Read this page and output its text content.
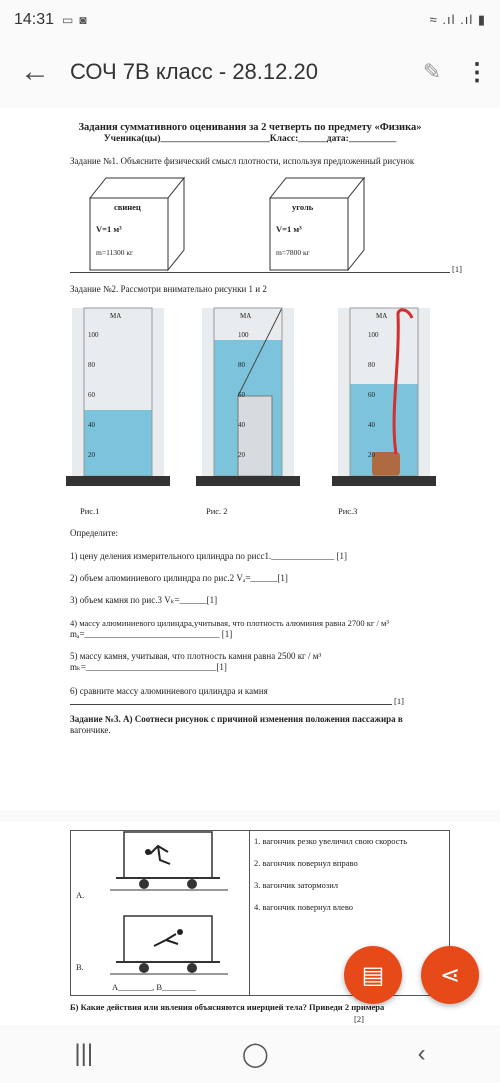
14:31 ▭ ◙	≈ .ıl .ıl ▮
← СОЧ 7В класс - 28.12.20	✎ ⋮
Задания суммативного оценивания за 2 четверть по предмету «Физика»
Ученика(цы)_______________________Класс:______дата:__________
Задание №1. Объясните физический смысл плотности, используя предложенный рисунок
свинец
V=1 м³
m=11300 кг
уголь
V=1 м³
m=7800 кг
[1]
Задание №2. Рассмотри внимательно рисунки 1 и 2
МА	МА	МА
100
80
60
40
20
100
80
60
40
20
100
80
60
40
20
Рис.1	Рис. 2	Рис.3
Определите:
1) цену деления измерительного цилиндра по рисс1.______________ [1]
2) объем алюминиевого цилиндра по рис.2 Vₐ=______[1]
3) объем камня по рис.3 Vₖ=______[1]
4) массу алюминиевого цилиндра,учитывая, что плотность алюминия равна 2700 кг / м³
mₐ=______________________________ [1]
5) массу камня, учитывая, что плотность камня равна 2500 кг / м³
mₖ=_____________________________[1]
6) сравните массу алюминиевого цилиндра и камня
[1]
Задание №3. А) Соотнеси рисунок с причиной изменения положения пассажира в
вагончике.
A.
B.
1. вагончик резко увеличил свою скорость
2. вагончик повернул вправо
3. вагончик затормозил
4. вагончик повернул влево
A________, B________
Б) Какие действия или явления объясняются инерцией тела? Приведи 2 примера
[2]
▤ ⋖
|||	◯	‹
